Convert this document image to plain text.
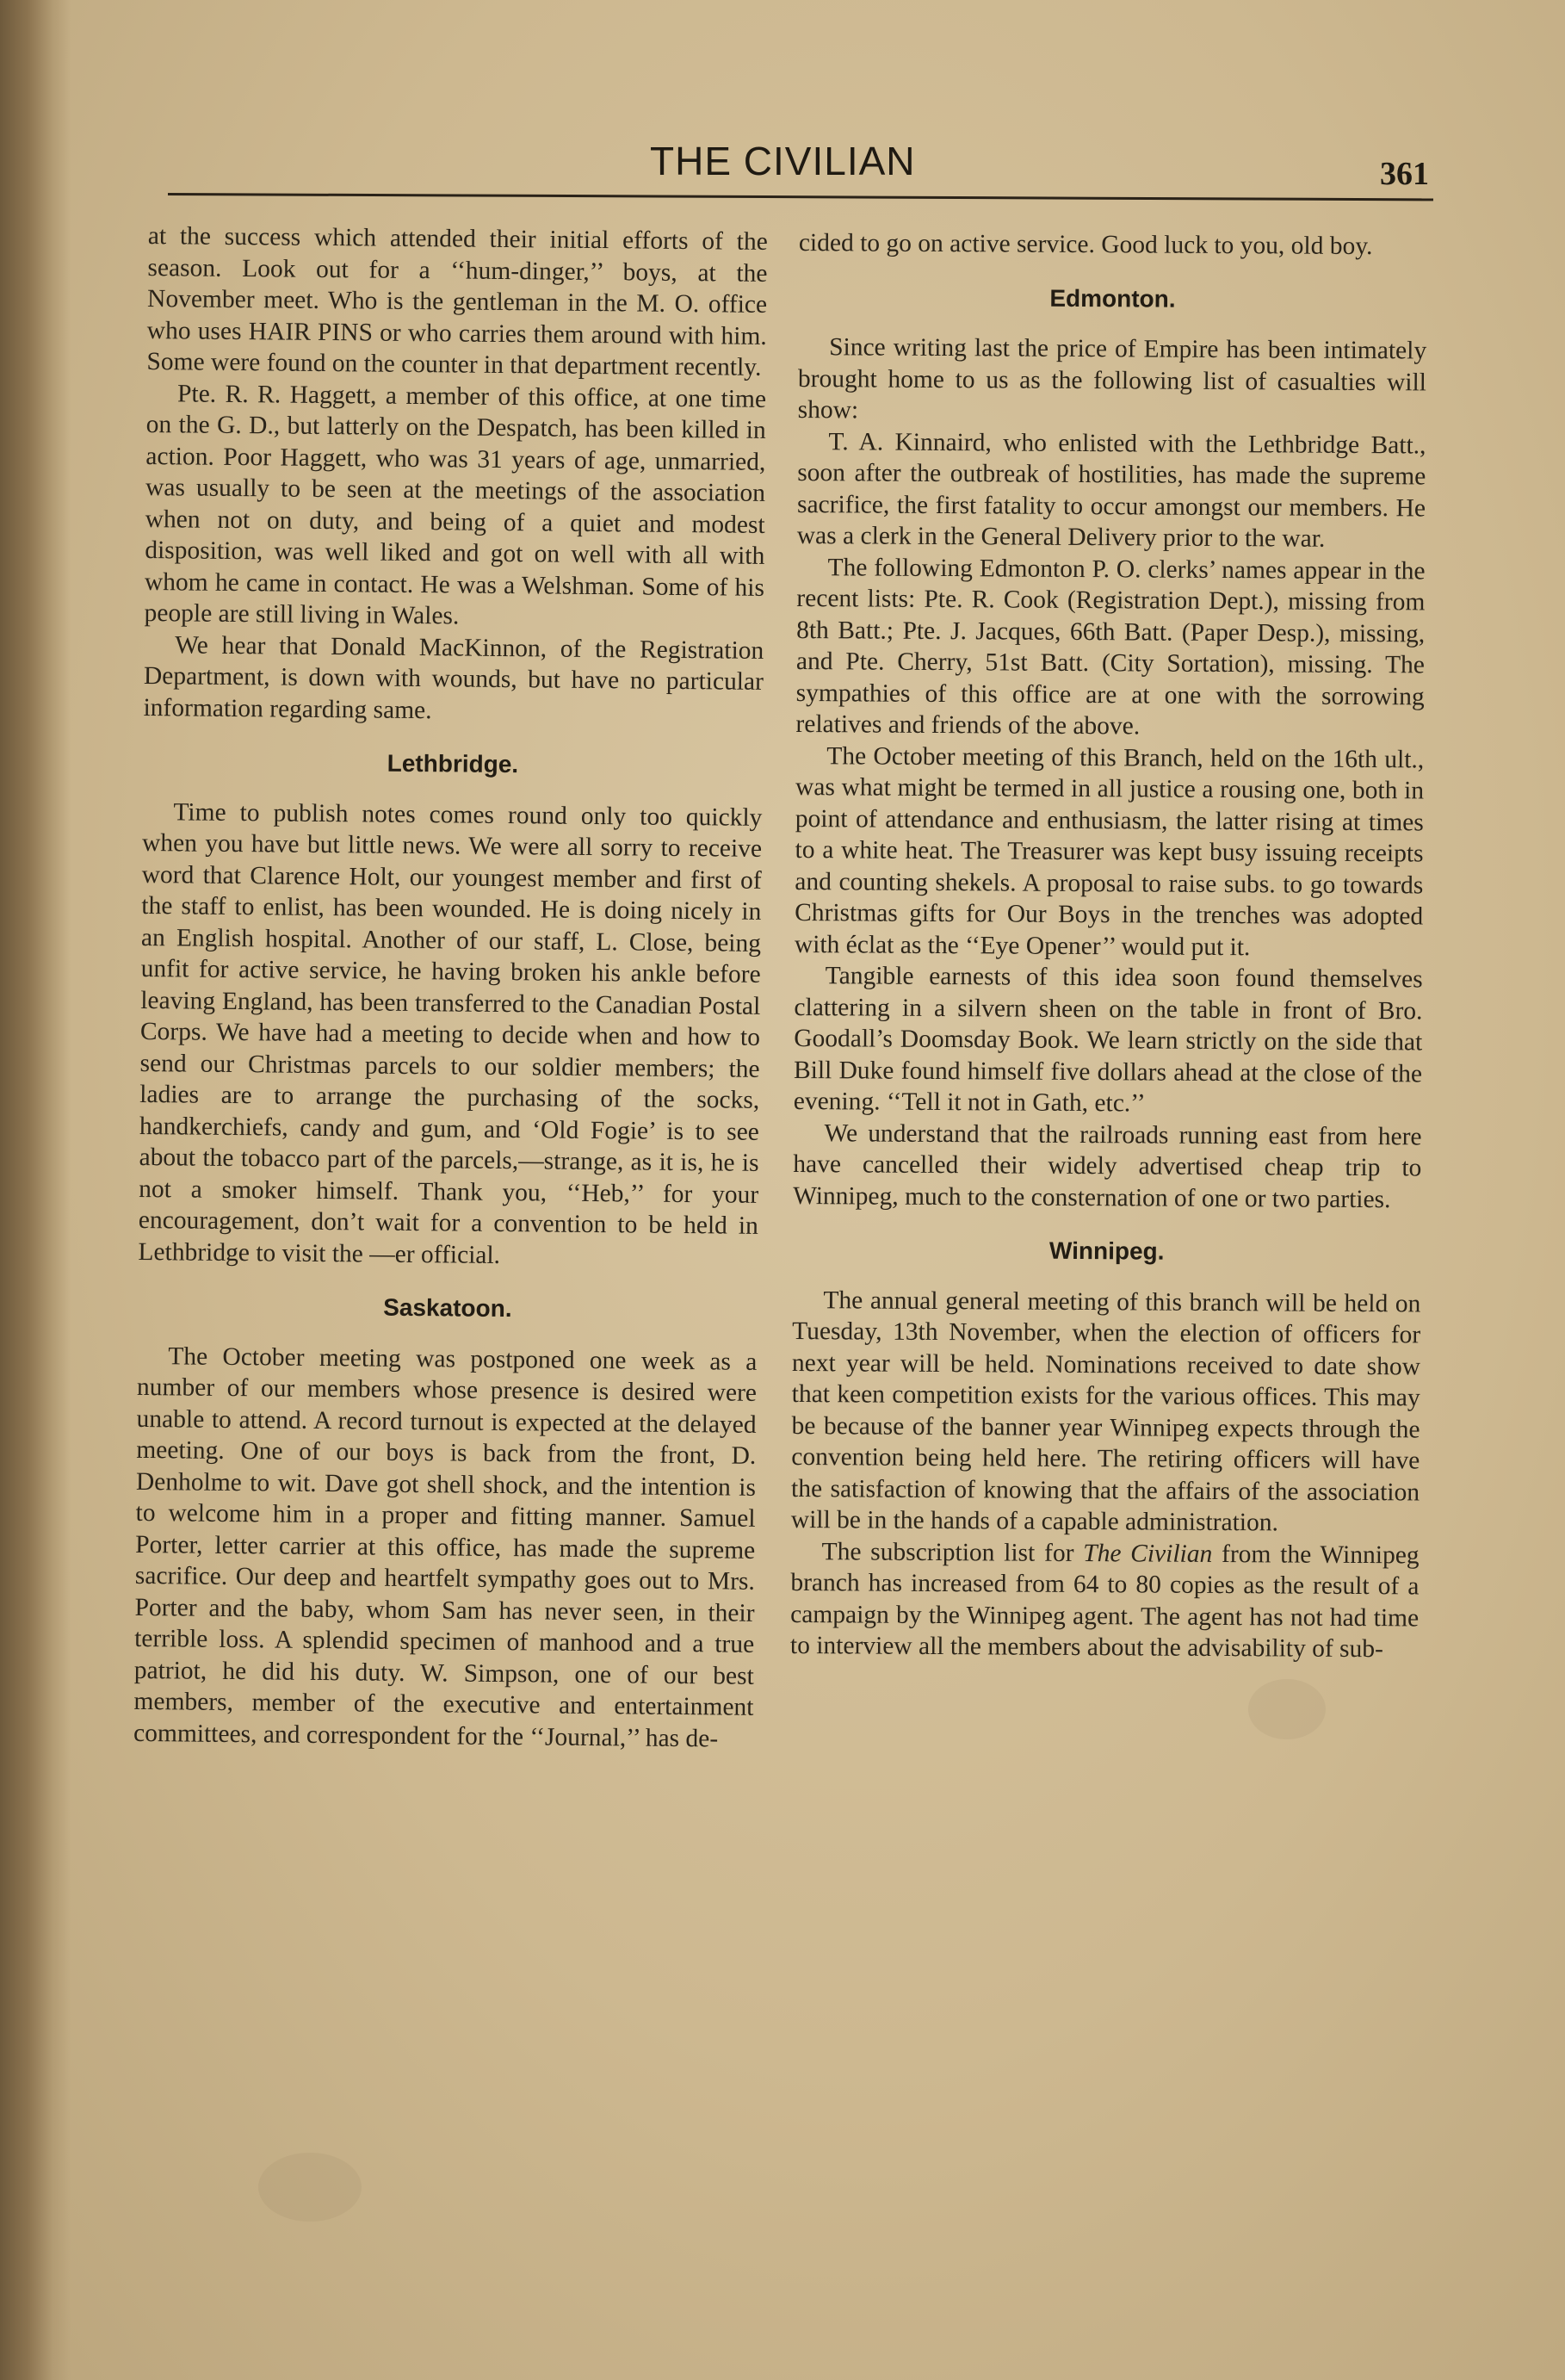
THE CIVILIAN	361

at the success which attended their initial efforts of the season. Look out for a ‘‘hum-dinger,’’ boys, at the November meet. Who is the gentleman in the M. O. office who uses HAIR PINS or who carries them around with him. Some were found on the counter in that department recently.

Pte. R. R. Haggett, a member of this office, at one time on the G. D., but latterly on the Despatch, has been killed in action. Poor Haggett, who was 31 years of age, unmarried, was usually to be seen at the meetings of the association when not on duty, and being of a quiet and modest disposition, was well liked and got on well with all with whom he came in contact. He was a Welshman. Some of his people are still living in Wales.

We hear that Donald MacKinnon, of the Registration Department, is down with wounds, but have no particular information regarding same.

Lethbridge.

Time to publish notes comes round only too quickly when you have but little news. We were all sorry to receive word that Clarence Holt, our youngest member and first of the staff to enlist, has been wounded. He is doing nicely in an English hospital. Another of our staff, L. Close, being unfit for active service, he having broken his ankle before leaving England, has been transferred to the Canadian Postal Corps. We have had a meeting to decide when and how to send our Christmas parcels to our soldier members; the ladies are to arrange the purchasing of the socks, handkerchiefs, candy and gum, and ‘Old Fogie’ is to see about the tobacco part of the parcels,—strange, as it is, he is not a smoker himself. Thank you, ‘‘Heb,’’ for your encouragement, don’t wait for a convention to be held in Lethbridge to visit the —er official.

Saskatoon.

The October meeting was postponed one week as a number of our members whose presence is desired were unable to attend. A record turnout is expected at the delayed meeting. One of our boys is back from the front, D. Denholme to wit. Dave got shell shock, and the intention is to welcome him in a proper and fitting manner. Samuel Porter, letter carrier at this office, has made the supreme sacrifice. Our deep and heartfelt sympathy goes out to Mrs. Porter and the baby, whom Sam has never seen, in their terrible loss. A splendid specimen of manhood and a true patriot, he did his duty. W. Simpson, one of our best members, member of the executive and entertainment committees, and correspondent for the ‘‘Journal,’’ has de-

cided to go on active service. Good luck to you, old boy.

Edmonton.

Since writing last the price of Empire has been intimately brought home to us as the following list of casualties will show:

T. A. Kinnaird, who enlisted with the Lethbridge Batt., soon after the outbreak of hostilities, has made the supreme sacrifice, the first fatality to occur amongst our members. He was a clerk in the General Delivery prior to the war.

The following Edmonton P. O. clerks’ names appear in the recent lists: Pte. R. Cook (Registration Dept.), missing from 8th Batt.; Pte. J. Jacques, 66th Batt. (Paper Desp.), missing, and Pte. Cherry, 51st Batt. (City Sortation), missing. The sympathies of this office are at one with the sorrowing relatives and friends of the above.

The October meeting of this Branch, held on the 16th ult., was what might be termed in all justice a rousing one, both in point of attendance and enthusiasm, the latter rising at times to a white heat. The Treasurer was kept busy issuing receipts and counting shekels. A proposal to raise subs. to go towards Christmas gifts for Our Boys in the trenches was adopted with éclat as the ‘‘Eye Opener’’ would put it.

Tangible earnests of this idea soon found themselves clattering in a silvern sheen on the table in front of Bro. Goodall’s Doomsday Book. We learn strictly on the side that Bill Duke found himself five dollars ahead at the close of the evening. ‘‘Tell it not in Gath, etc.’’

We understand that the railroads running east from here have cancelled their widely advertised cheap trip to Winnipeg, much to the consternation of one or two parties.

Winnipeg.

The annual general meeting of this branch will be held on Tuesday, 13th November, when the election of officers for next year will be held. Nominations received to date show that keen competition exists for the various offices. This may be because of the banner year Winnipeg expects through the convention being held here. The retiring officers will have the satisfaction of knowing that the affairs of the association will be in the hands of a capable administration.

The subscription list for The Civilian from the Winnipeg branch has increased from 64 to 80 copies as the result of a campaign by the Winnipeg agent. The agent has not had time to interview all the members about the advisability of sub-
